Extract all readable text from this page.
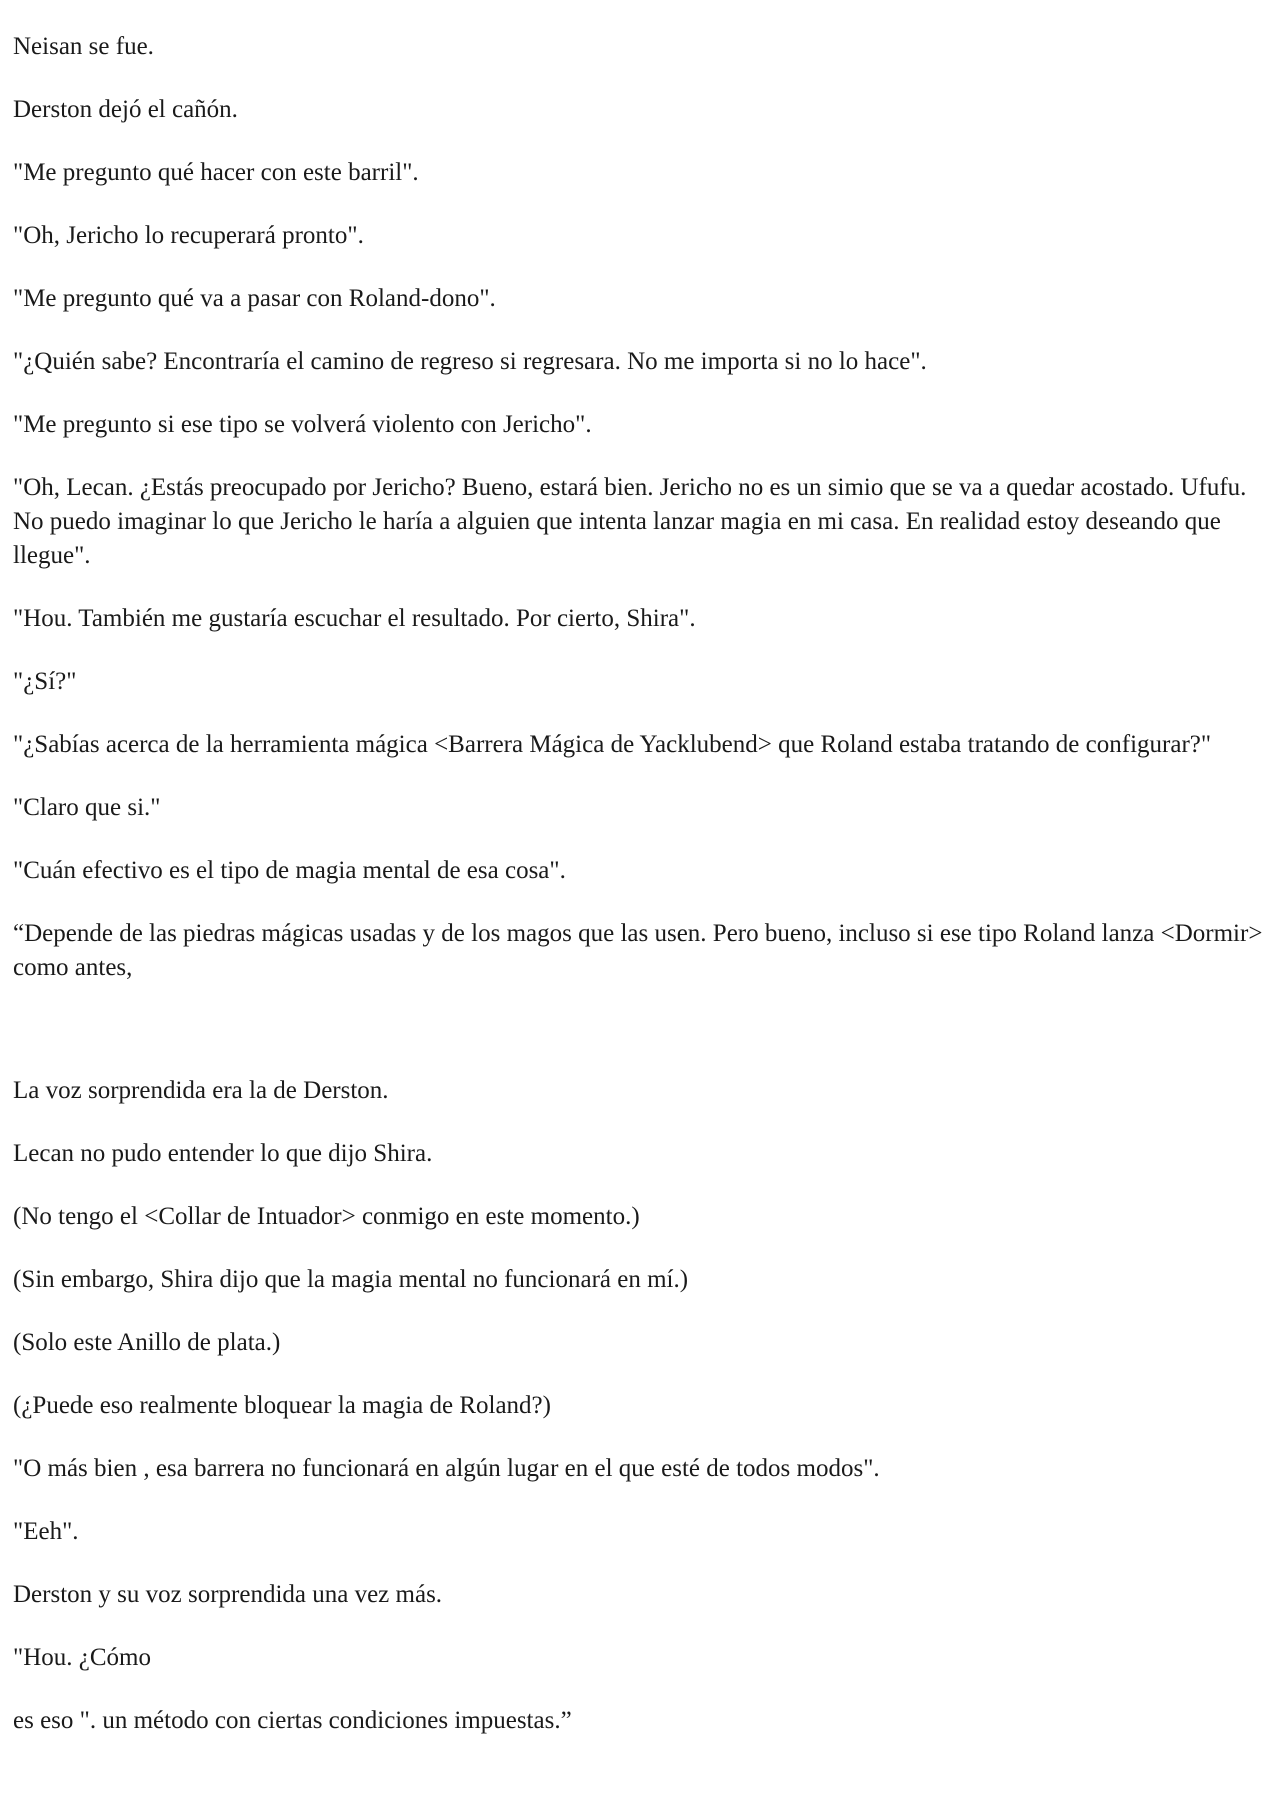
Neisan se fue.

Derston dejó el cañón.

"Me pregunto qué hacer con este barril".

"Oh, Jericho lo recuperará pronto".

"Me pregunto qué va a pasar con Roland-dono".

"¿Quién sabe? Encontraría el camino de regreso si regresara. No me importa si no lo hace".

"Me pregunto si ese tipo se volverá violento con Jericho".

"Oh, Lecan. ¿Estás preocupado por Jericho? Bueno, estará bien. Jericho no es un simio que se va a quedar acostado. Ufufu. No puedo imaginar lo que Jericho le haría a alguien que intenta lanzar magia en mi casa. En realidad estoy deseando que llegue".

"Hou. También me gustaría escuchar el resultado. Por cierto, Shira".

"¿Sí?"

"¿Sabías acerca de la herramienta mágica <Barrera Mágica de Yacklubend> que Roland estaba tratando de configurar?"

"Claro que si."

"Cuán efectivo es el tipo de magia mental de esa cosa".

“Depende de las piedras mágicas usadas y de los magos que las usen. Pero bueno, incluso si ese tipo Roland lanza <Dormir> como antes,

La voz sorprendida era la de Derston.

Lecan no pudo entender lo que dijo Shira.

(No tengo el <Collar de Intuador> conmigo en este momento.)

(Sin embargo, Shira dijo que la magia mental no funcionará en mí.)

(Solo este Anillo de plata.)

(¿Puede eso realmente bloquear la magia de Roland?)

"O más bien , esa barrera no funcionará en algún lugar en el que esté de todos modos".

"Eeh".

Derston y su voz sorprendida una vez más.

"Hou. ¿Cómo

es eso ". un método con ciertas condiciones impuestas.”
